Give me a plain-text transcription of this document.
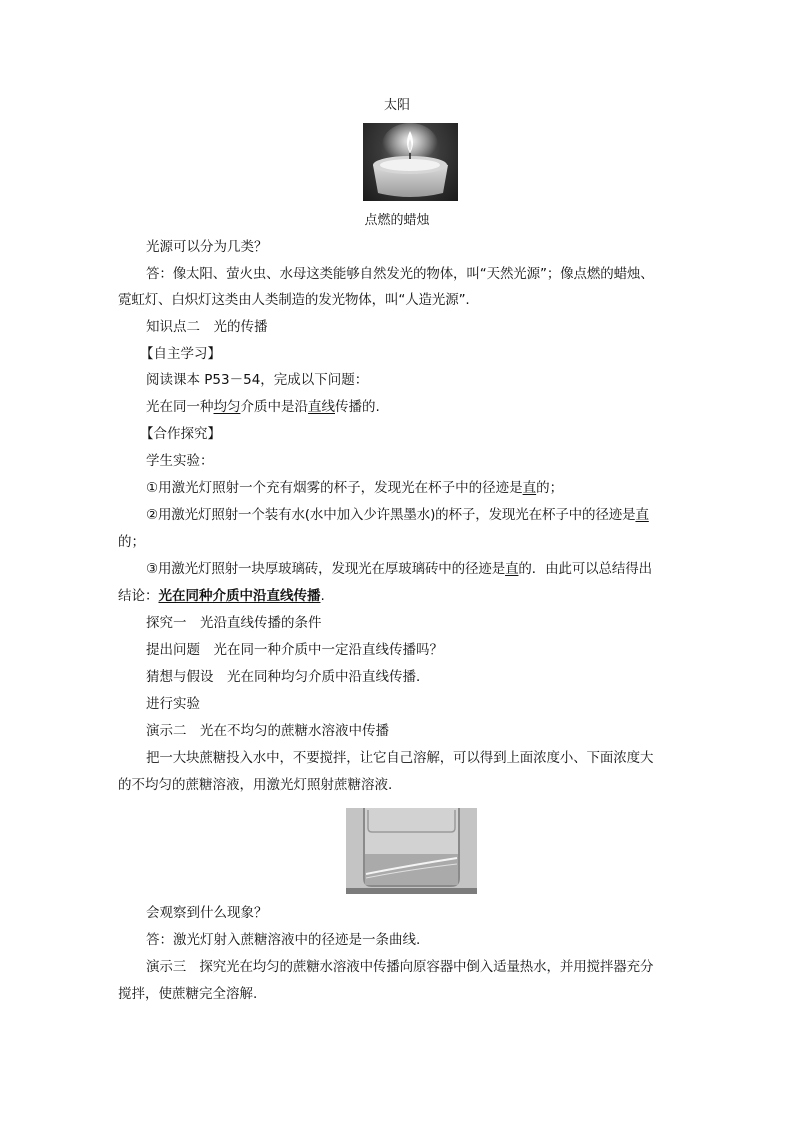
太阳
点燃的蜡烛
光源可以分为几类？
答：像太阳、萤火虫、水母这类能够自然发光的物体，叫“天然光源”；像点燃的蜡烛、
霓虹灯、白炽灯这类由人类制造的发光物体，叫“人造光源”.
知识点二　光的传播
【自主学习】
阅读课本 P53－54，完成以下问题：
光在同一种均匀介质中是沿直线传播的.
【合作探究】
学生实验：
①用激光灯照射一个充有烟雾的杯子，发现光在杯子中的径迹是直的；
②用激光灯照射一个装有水(水中加入少许黑墨水)的杯子，发现光在杯子中的径迹是直
的；
③用激光灯照射一块厚玻璃砖，发现光在厚玻璃砖中的径迹是直的．由此可以总结得出
结论：光在同种介质中沿直线传播.
探究一　光沿直线传播的条件
提出问题　光在同一种介质中一定沿直线传播吗？
猜想与假设　光在同种均匀介质中沿直线传播．
进行实验
演示二　光在不均匀的蔗糖水溶液中传播
把一大块蔗糖投入水中，不要搅拌，让它自己溶解，可以得到上面浓度小、下面浓度大
的不均匀的蔗糖溶液，用激光灯照射蔗糖溶液.
会观察到什么现象？
答：激光灯射入蔗糖溶液中的径迹是一条曲线.
演示三　探究光在均匀的蔗糖水溶液中传播向原容器中倒入适量热水，并用搅拌器充分
搅拌，使蔗糖完全溶解.
